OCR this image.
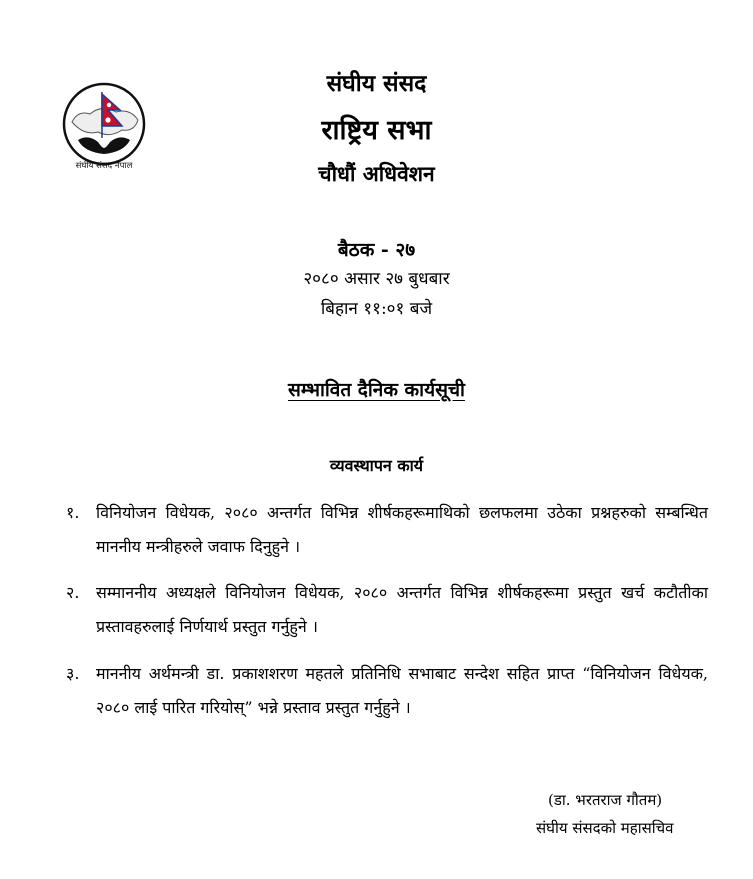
संघीय संसद नेपाल
संघीय संसद
राष्ट्रिय सभा
चौधौं अधिवेशन
बैठक - २७
२०८० असार २७ बुधबार
बिहान ११:०१ बजे
सम्भावित दैनिक कार्यसूची
व्यवस्थापन कार्य
१.	विनियोजन विधेयक, २०८० अन्तर्गत विभिन्न शीर्षकहरूमाथिको छलफलमा उठेका प्रश्नहरुको सम्बन्धित माननीय मन्त्रीहरुले जवाफ दिनुहुने ।
२.	सम्माननीय अध्यक्षले विनियोजन विधेयक, २०८० अन्तर्गत विभिन्न शीर्षकहरूमा प्रस्तुत खर्च कटौतीका प्रस्तावहरुलाई निर्णयार्थ प्रस्तुत गर्नुहुने ।
३.	माननीय अर्थमन्त्री डा. प्रकाशशरण महतले प्रतिनिधि सभाबाट सन्देश सहित प्राप्त “विनियोजन विधेयक, २०८० लाई पारित गरियोस्” भन्ने प्रस्ताव प्रस्तुत गर्नुहुने ।
(डा. भरतराज गौतम)
संघीय संसदको महासचिव
